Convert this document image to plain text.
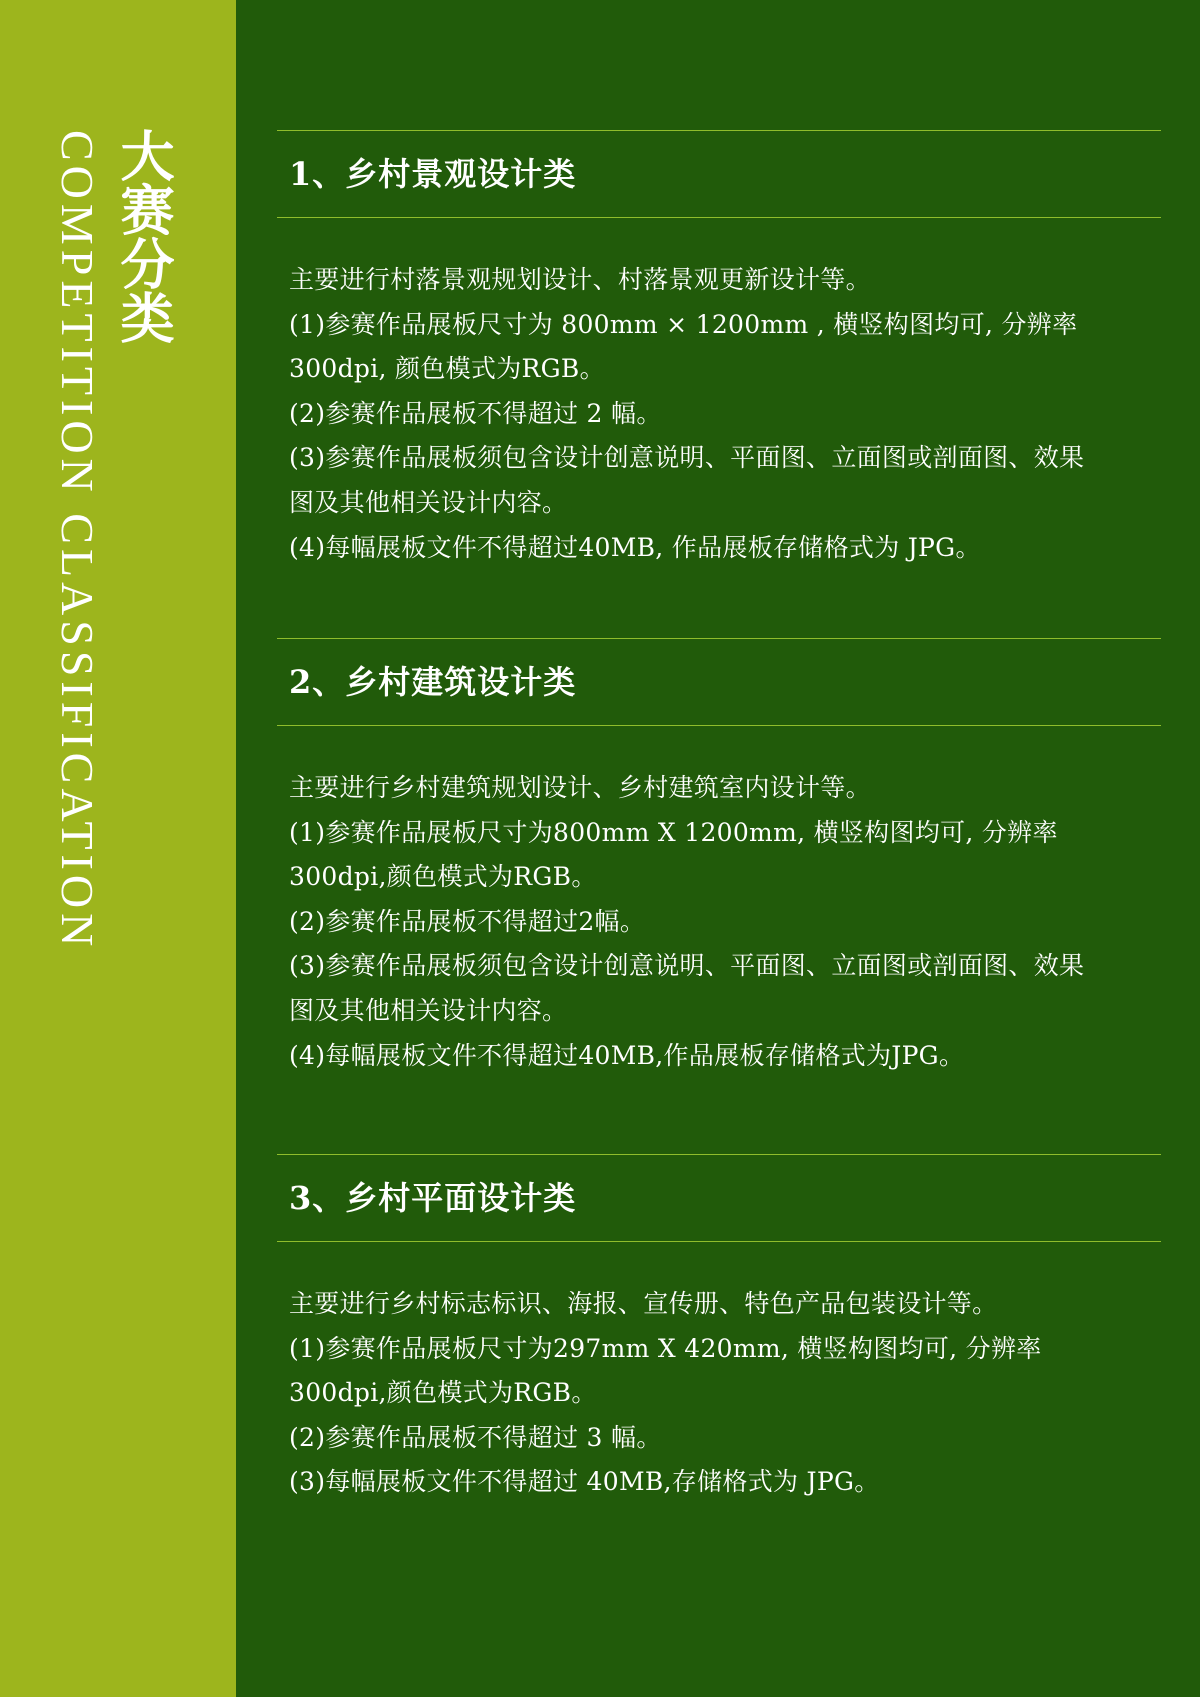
大赛分类
COMPETITION CLASSIFICATION	1、乡村景观设计类

主要进行村落景观规划设计、村落景观更新设计等。

(1)参赛作品展板尺寸为 800mm × 1200mm , 横竖构图均可, 分辨率

300dpi, 颜色模式为RGB。

(2)参赛作品展板不得超过 2 幅。

(3)参赛作品展板须包含设计创意说明、平面图、立面图或剖面图、效果

图及其他相关设计内容。

(4)每幅展板文件不得超过40MB, 作品展板存储格式为 JPG。

2、乡村建筑设计类

主要进行乡村建筑规划设计、乡村建筑室内设计等。

(1)参赛作品展板尺寸为800mm X 1200mm, 横竖构图均可, 分辨率

300dpi,颜色模式为RGB。

(2)参赛作品展板不得超过2幅。

(3)参赛作品展板须包含设计创意说明、平面图、立面图或剖面图、效果

图及其他相关设计内容。

(4)每幅展板文件不得超过40MB,作品展板存储格式为JPG。

3、乡村平面设计类

主要进行乡村标志标识、海报、宣传册、特色产品包装设计等。

(1)参赛作品展板尺寸为297mm X 420mm, 横竖构图均可, 分辨率

300dpi,颜色模式为RGB。

(2)参赛作品展板不得超过 3 幅。

(3)每幅展板文件不得超过 40MB,存储格式为 JPG。
